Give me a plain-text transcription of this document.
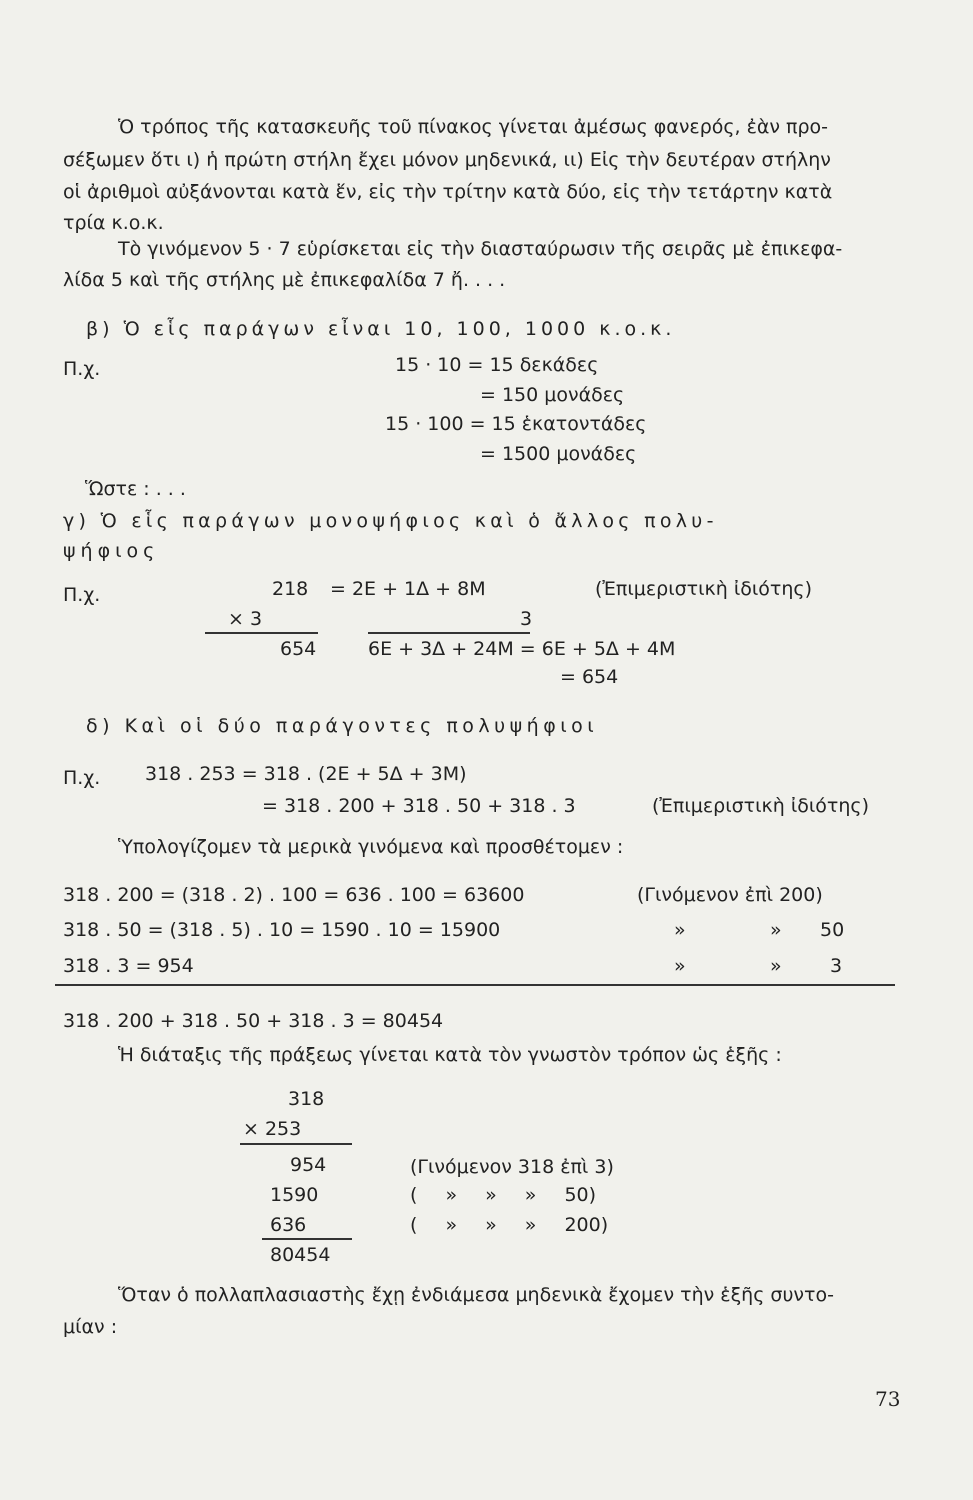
Ὁ τρόπος τῆς κατασκευῆς τοῦ πίνακος γίνεται ἀμέσως φανερός, ἐὰν προ-
σέξωμεν ὅτι ι) ἡ πρώτη στήλη ἔχει μόνον μηδενικά, ιι) Εἰς τὴν δευτέραν στήλην
οἱ ἀριθμοὶ αὐξάνονται κατὰ ἕν, εἰς τὴν τρίτην κατὰ δύο, εἰς τὴν τετάρτην κατὰ
τρία κ.ο.κ.
Τὸ γινόμενον 5 · 7 εὑρίσκεται εἰς τὴν διασταύρωσιν τῆς σειρᾶς μὲ ἐπικεφα-
λίδα 5 καὶ τῆς στήλης μὲ ἐπικεφαλίδα 7 ἤ. . . .
β) Ὁ εἷς παράγων εἶναι 10, 100, 1000 κ.ο.κ.
Π.χ.	15 · 10 = 15 δεκάδες
= 150 μονάδες
15 · 100 = 15 ἑκατοντάδες
= 1500 μονάδες
Ὥστε : . . .
γ) Ὁ εἷς παράγων μονοψήφιος καὶ ὁ ἄλλος πολυ-
ψήφιος
Π.χ.	218
× 3
654
= 2Ε + 1Δ + 8Μ
3
6Ε + 3Δ + 24Μ = 6Ε + 5Δ + 4Μ
= 654
(Ἐπιμεριστικὴ ἰδιότης)
δ) Καὶ οἱ δύο παράγοντες πολυψήφιοι
Π.χ. 318 . 253 = 318 . (2Ε + 5Δ + 3Μ)
= 318 . 200 + 318 . 50 + 318 . 3	(Ἐπιμεριστικὴ ἰδιότης)
Ὑπολογίζομεν τὰ μερικὰ γινόμενα καὶ προσθέτομεν :
318 . 200 = (318 . 2) . 100 = 636 . 100 = 63600	(Γινόμενον ἐπὶ 200)
318 . 50 = (318 . 5) . 10 = 1590 . 10 = 15900	»	» 50
318 . 3 = 954	»	»	3
318 . 200 + 318 . 50 + 318 . 3 = 80454
Ἡ διάταξις τῆς πράξεως γίνεται κατὰ τὸν γνωστὸν τρόπον ὡς ἑξῆς :
318
× 253
954	(Γινόμενον 318 ἐπὶ 3)
1590	( » » » 50)
636	( » » » 200)
80454
Ὅταν ὁ πολλαπλασιαστὴς ἔχῃ ἐνδιάμεσα μηδενικὰ ἔχομεν τὴν ἑξῆς συντο-
μίαν :
73
